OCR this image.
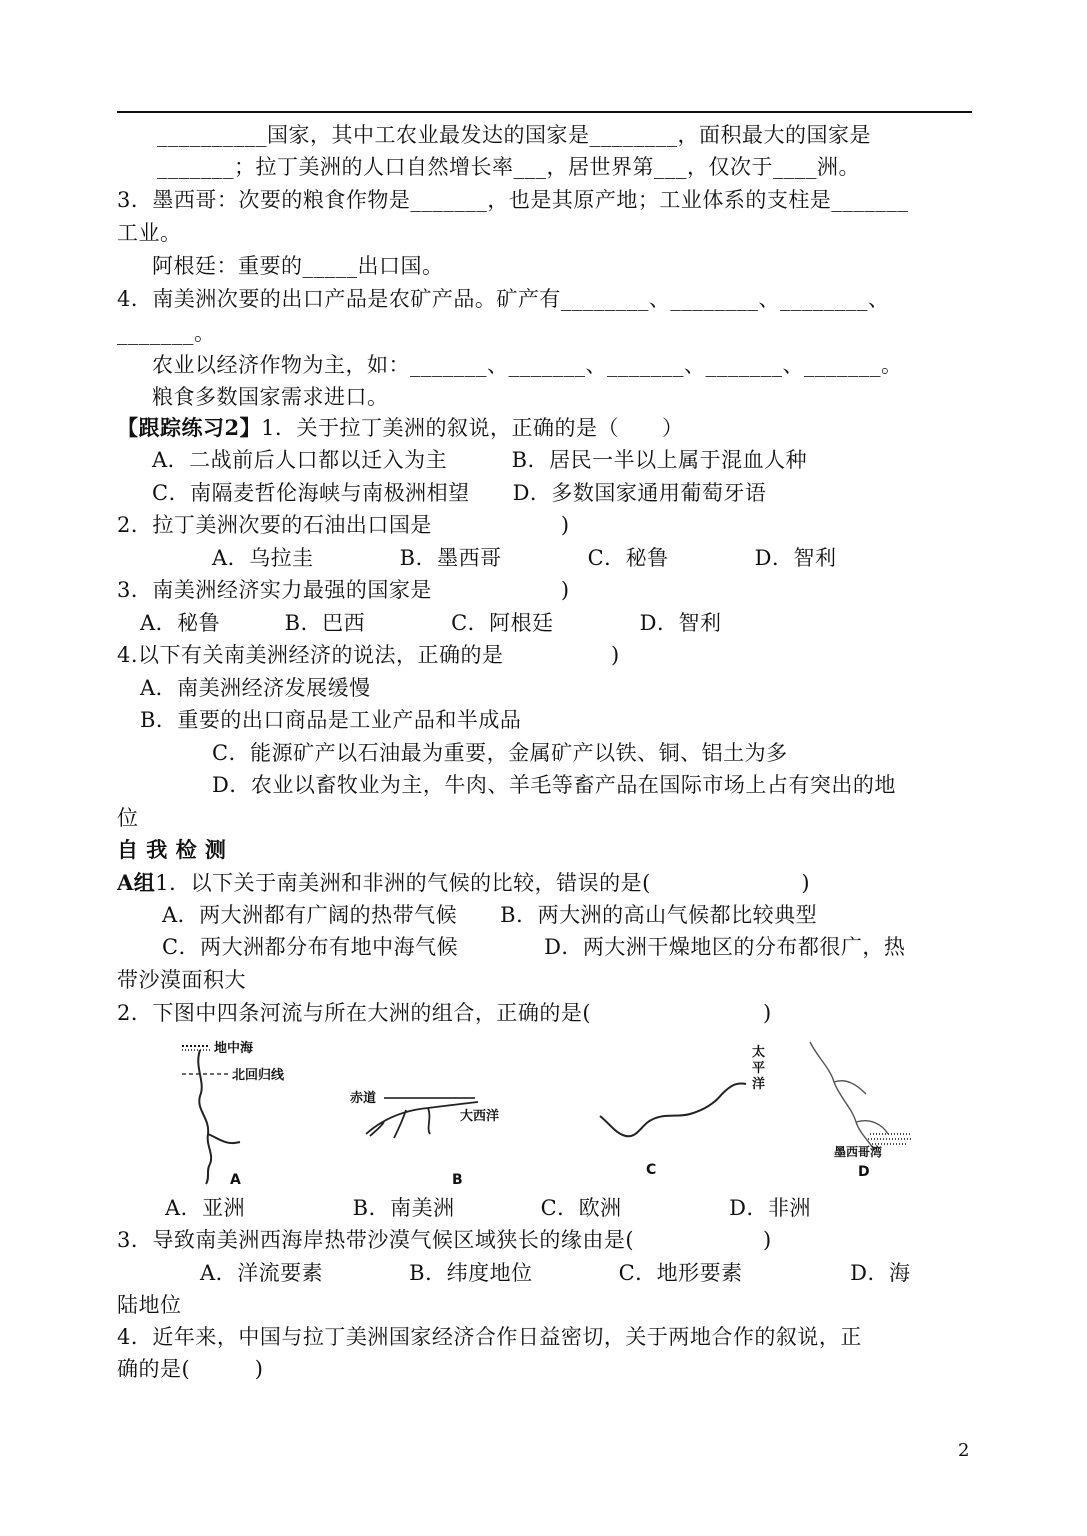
__________国家，其中工农业最发达的国家是________，面积最大的国家是
_______；拉丁美洲的人口自然增长率___，居世界第___，仅次于____洲。
3．墨西哥：次要的粮食作物是_______，也是其原产地；工业体系的支柱是_______
工业。
阿根廷：重要的_____出口国。
4．南美洲次要的出口产品是农矿产品。矿产有________、________、________、
_______。
农业以经济作物为主，如：_______、_______、_______、_______、_______。
粮食多数国家需求进口。
【跟踪练习2】1．关于拉丁美洲的叙说，正确的是（　　）
A．二战前后人口都以迁入为主　　　B．居民一半以上属于混血人种
C．南隔麦哲伦海峡与南极洲相望　　D．多数国家通用葡萄牙语
2．拉丁美洲次要的石油出口国是　　　　　　)
A．乌拉圭　　　　B．墨西哥　　　　C．秘鲁　　　　D．智利
3．南美洲经济实力最强的国家是　　　　　　)
A．秘鲁　　　B．巴西　　　　C．阿根廷　　　　D．智利
4.以下有关南美洲经济的说法，正确的是　　　　　)
A．南美洲经济发展缓慢
B．重要的出口商品是工业产品和半成品
C．能源矿产以石油最为重要，金属矿产以铁、铜、铝土为多
D．农业以畜牧业为主，牛肉、羊毛等畜产品在国际市场上占有突出的地
位
自 我 检 测
A组1．以下关于南美洲和非洲的气候的比较，错误的是(　　　　　　　)
A．两大洲都有广阔的热带气候　　B．两大洲的高山气候都比较典型
C．两大洲都分布有地中海气候　　　　D．两大洲干燥地区的分布都很广，热
带沙漠面积大
2．下图中四条河流与所在大洲的组合，正确的是(　　　　　　　　)
地中海
北回归线
A
赤道
大西洋
B
太
平
洋
C
墨西哥湾
D
A．亚洲　　　　　B．南美洲　　　　C．欧洲　　　　　D．非洲
3．导致南美洲西海岸热带沙漠气候区域狭长的缘由是(　　　　　　)
A．洋流要素　　　　B．纬度地位　　　　C．地形要素　　　　　D．海
陆地位
4．近年来，中国与拉丁美洲国家经济合作日益密切，关于两地合作的叙说，正
确的是(　　　)
2
